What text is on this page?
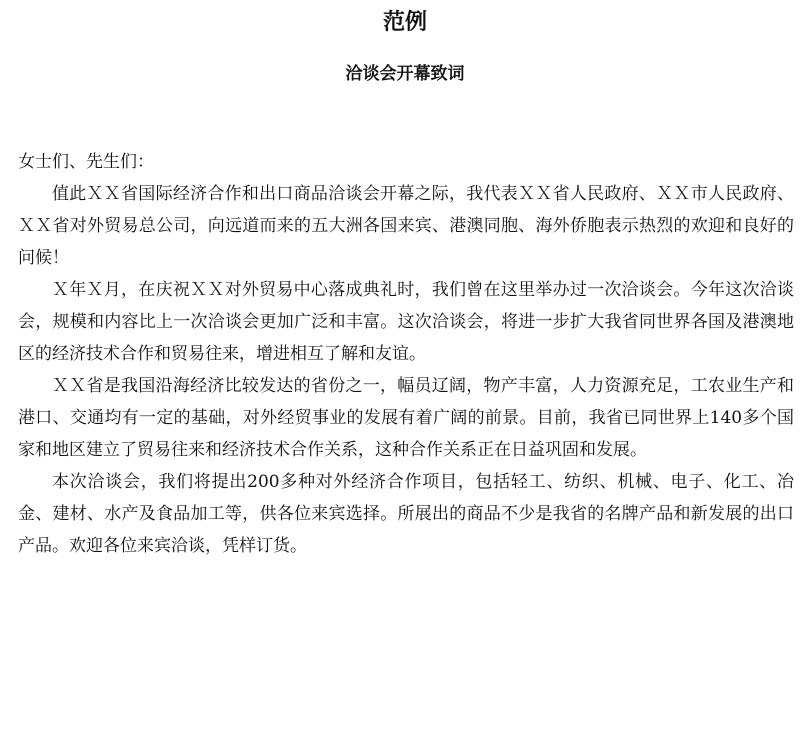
范例
洽谈会开幕致词

女士们、先生们：

值此ＸＸ省国际经济合作和出口商品洽谈会开幕之际，我代表ＸＸ省人民政府、ＸＸ市人民政府、ＸＸ省对外贸易总公司，向远道而来的五大洲各国来宾、港澳同胞、海外侨胞表示热烈的欢迎和良好的问候！

Ｘ年Ｘ月，在庆祝ＸＸ对外贸易中心落成典礼时，我们曾在这里举办过一次洽谈会。今年这次洽谈会，规模和内容比上一次洽谈会更加广泛和丰富。这次洽谈会，将进一步扩大我省同世界各国及港澳地区的经济技术合作和贸易往来，增进相互了解和友谊。

ＸＸ省是我国沿海经济比较发达的省份之一，幅员辽阔，物产丰富，人力资源充足，工农业生产和港口、交通均有一定的基础，对外经贸事业的发展有着广阔的前景。目前，我省已同世界上140多个国家和地区建立了贸易往来和经济技术合作关系，这种合作关系正在日益巩固和发展。

本次洽谈会，我们将提出200多种对外经济合作项目，包括轻工、纺织、机械、电子、化工、冶金、建材、水产及食品加工等，供各位来宾选择。所展出的商品不少是我省的名牌产品和新发展的出口产品。欢迎各位来宾洽谈，凭样订货。
